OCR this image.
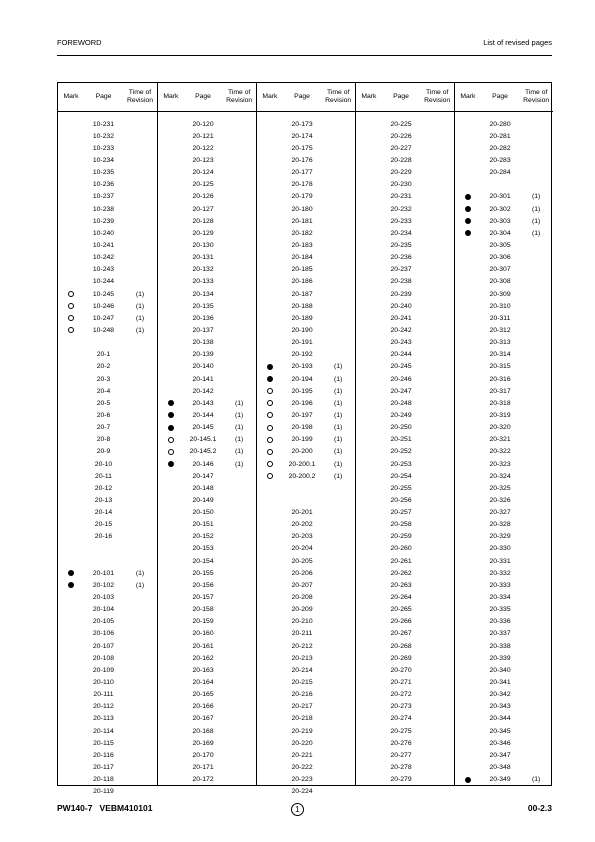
FOREWORD	List of revised pages
Mark	Page
Time of Revision
10-231
10-232
10-233
10-234
10-235
10-236
10-237
10-238
10-239
10-240
10-241
10-242
10-243
10-244
10-245	(1)
10-246	(1)
10-247	(1)
10-248	(1)
20-1
20-2
20-3
20-4
20-5
20-6
20-7
20-8
20-9
20-10
20-11
20-12
20-13
20-14
20-15
20-16
20-101	(1)
20-102	(1)
20-103
20-104
20-105
20-106
20-107
20-108
20-109
20-110
20-111
20-112
20-113
20-114
20-115
20-116
20-117
20-118
20-119
Mark	Page
Time of Revision
20-120
20-121
20-122
20-123
20-124
20-125
20-126
20-127
20-128
20-129
20-130
20-131
20-132
20-133
20-134
20-135
20-136
20-137
20-138
20-139
20-140
20-141
20-142
20-143	(1)
20-144	(1)
20-145	(1)
20-145.1	(1)
20-145.2	(1)
20-146	(1)
20-147
20-148
20-149
20-150
20-151
20-152
20-153
20-154
20-155
20-156
20-157
20-158
20-159
20-160
20-161
20-162
20-163
20-164
20-165
20-166
20-167
20-168
20-169
20-170
20-171
20-172
Mark	Page
Time of Revision
20-173
20-174
20-175
20-176
20-177
20-178
20-179
20-180
20-181
20-182
20-183
20-184
20-185
20-186
20-187
20-188
20-189
20-190
20-191
20-192
20-193	(1)
20-194	(1)
20-195	(1)
20-196	(1)
20-197	(1)
20-198	(1)
20-199	(1)
20-200	(1)
20-200.1	(1)
20-200.2	(1)
20-201
20-202
20-203
20-204
20-205
20-206
20-207
20-208
20-209
20-210
20-211
20-212
20-213
20-214
20-215
20-216
20-217
20-218
20-219
20-220
20-221
20-222
20-223
20-224
Mark	Page
Time of Revision
20-225
20-226
20-227
20-228
20-229
20-230
20-231
20-232
20-233
20-234
20-235
20-236
20-237
20-238
20-239
20-240
20-241
20-242
20-243
20-244
20-245
20-246
20-247
20-248
20-249
20-250
20-251
20-252
20-253
20-254
20-255
20-256
20-257
20-258
20-259
20-260
20-261
20-262
20-263
20-264
20-265
20-266
20-267
20-268
20-269
20-270
20-271
20-272
20-273
20-274
20-275
20-276
20-277
20-278
20-279
Mark	Page
Time of Revision
20-280
20-281
20-282
20-283
20-284
20-301	(1)
20-302	(1)
20-303	(1)
20-304	(1)
20-305
20-306
20-307
20-308
20-309
20-310
20-311
20-312
20-313
20-314
20-315
20-316
20-317
20-318
20-319
20-320
20-321
20-322
20-323
20-324
20-325
20-326
20-327
20-328
20-329
20-330
20-331
20-332
20-333
20-334
20-335
20-336
20-337
20-338
20-339
20-340
20-341
20-342
20-343
20-344
20-345
20-346
20-347
20-348
20-349	(1)
PW140-7 VEBM410101	1	00-2.3
